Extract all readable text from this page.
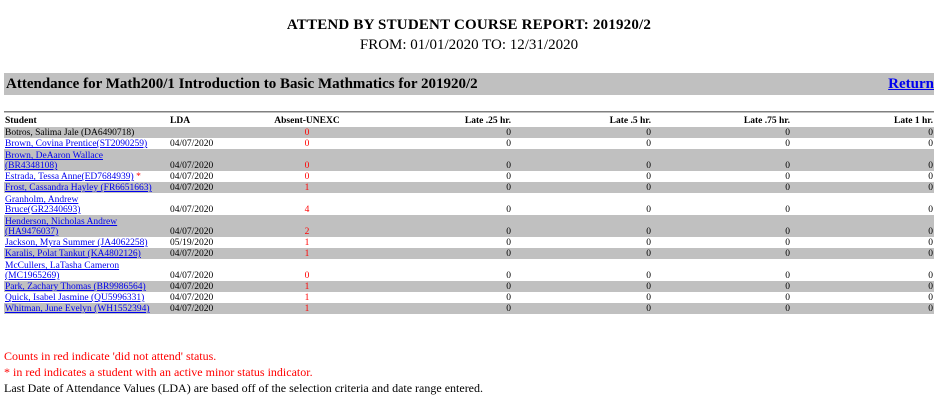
ATTEND BY STUDENT COURSE REPORT: 201920/2
FROM: 01/01/2020 TO: 12/31/2020
Attendance for Math200/1 Introduction to Basic Mathmatics for 201920/2	Return
Student	LDA	Absent-UNEXC	Late .25 hr.	Late .5 hr.	Late .75 hr.	Late 1 hr.
Botros, Salima Jale (DA6490718)		0	0	0	0	0
Brown, Covina Prentice(ST2090259)	04/07/2020	0	0	0	0	0
Brown, DeAaron Wallace
(BR4348108)	04/07/2020	0	0	0	0	0
Estrada, Tessa Anne(ED7684939) *	04/07/2020	0	0	0	0	0
Frost, Cassandra Hayley (FR6651663)	04/07/2020	1	0	0	0	0
Granholm, Andrew
Bruce(GR2340693)	04/07/2020	4	0	0	0	0
Henderson, Nicholas Andrew
(HA9476037)	04/07/2020	2	0	0	0	0
Jackson, Myra Summer (JA4062258)	05/19/2020	1	0	0	0	0
Karalis, Polat Tankut (KA4802126)	04/07/2020	1	0	0	0	0
McCullers, LaTasha Cameron
(MC1965269)	04/07/2020	0	0	0	0	0
Park, Zachary Thomas (BR9986564)	04/07/2020	1	0	0	0	0
Quick, Isabel Jasmine (QU5996331)	04/07/2020	1	0	0	0	0
Whitman, June Evelyn (WH1552394)	04/07/2020	1	0	0	0	0
Counts in red indicate 'did not attend' status.
* in red indicates a student with an active minor status indicator.
Last Date of Attendance Values (LDA) are based off of the selection criteria and date range entered.
